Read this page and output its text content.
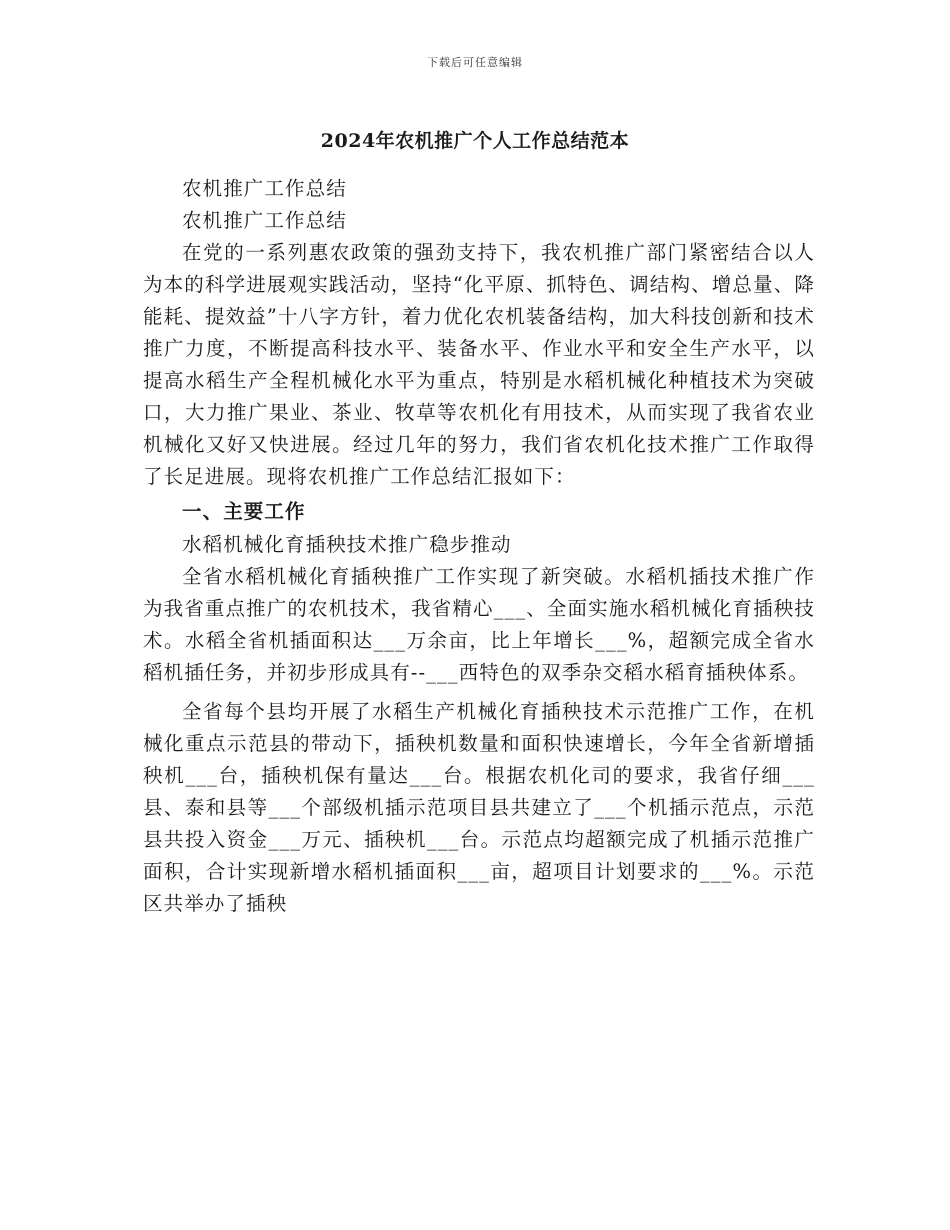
下载后可任意编辑
2024年农机推广个人工作总结范本

农机推广工作总结

农机推广工作总结

在党的一系列惠农政策的强劲支持下，我农机推广部门紧密结合以人为本的科学进展观实践活动，坚持“化平原、抓特色、调结构、增总量、降能耗、提效益”十八字方针，着力优化农机装备结构，加大科技创新和技术推广力度，不断提高科技水平、装备水平、作业水平和安全生产水平，以提高水稻生产全程机械化水平为重点，特别是水稻机械化种植技术为突破口，大力推广果业、茶业、牧草等农机化有用技术，从而实现了我省农业机械化又好又快进展。经过几年的努力，我们省农机化技术推广工作取得了长足进展。现将农机推广工作总结汇报如下：

一、主要工作

水稻机械化育插秧技术推广稳步推动

全省水稻机械化育插秧推广工作实现了新突破。水稻机插技术推广作为我省重点推广的农机技术，我省精心___、全面实施水稻机械化育插秧技术。水稻全省机插面积达___万余亩，比上年增长___%，超额完成全省水稻机插任务，并初步形成具有--___西特色的双季杂交稻水稻育插秧体系。

全省每个县均开展了水稻生产机械化育插秧技术示范推广工作，在机械化重点示范县的带动下，插秧机数量和面积快速增长，今年全省新增插秧机___台，插秧机保有量达___台。根据农机化司的要求，我省仔细___县、泰和县等___个部级机插示范项目县共建立了___个机插示范点，示范县共投入资金___万元、插秧机___台。示范点均超额完成了机插示范推广面积，合计实现新增水稻机插面积___亩，超项目计划要求的___%。示范区共举办了插秧
